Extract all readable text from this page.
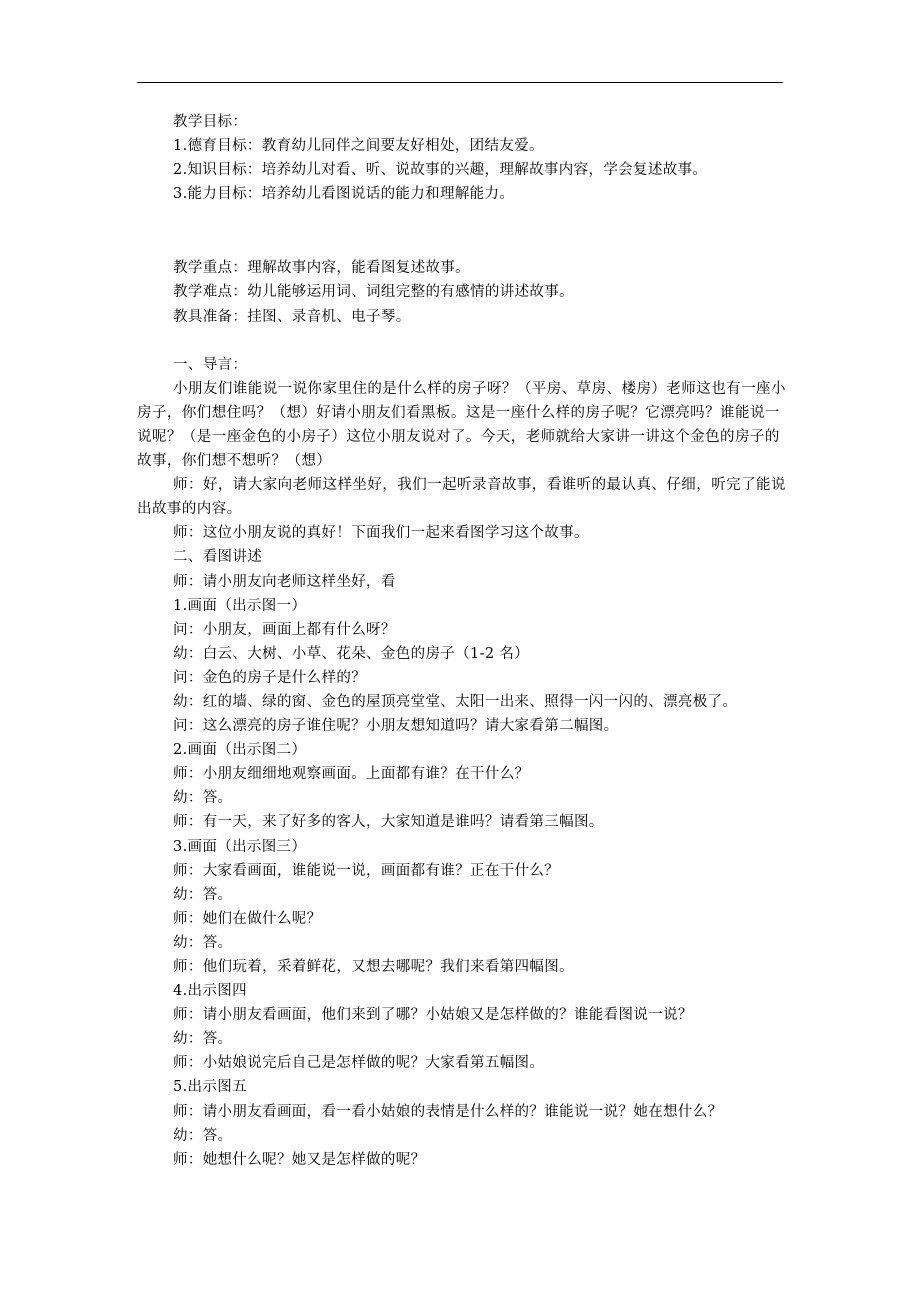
教学目标：

1.德育目标：教育幼儿同伴之间要友好相处，团结友爱。

2.知识目标：培养幼儿对看、听、说故事的兴趣，理解故事内容，学会复述故事。

3.能力目标：培养幼儿看图说话的能力和理解能力。

教学重点：理解故事内容，能看图复述故事。

教学难点：幼儿能够运用词、词组完整的有感情的讲述故事。

教具准备：挂图、录音机、电子琴。

一、导言：

小朋友们谁能说一说你家里住的是什么样的房子呀？（平房、草房、楼房）老师这也有一座小房子，你们想住吗？（想）好请小朋友们看黑板。这是一座什么样的房子呢？它漂亮吗？谁能说一说呢？（是一座金色的小房子）这位小朋友说对了。今天，老师就给大家讲一讲这个金色的房子的故事，你们想不想听？（想）

师：好，请大家向老师这样坐好，我们一起听录音故事，看谁听的最认真、仔细，听完了能说出故事的内容。

师：这位小朋友说的真好！下面我们一起来看图学习这个故事。

二、看图讲述

师：请小朋友向老师这样坐好，看

1.画面（出示图一）

问：小朋友，画面上都有什么呀？

幼：白云、大树、小草、花朵、金色的房子（1-2 名）

问：金色的房子是什么样的？

幼：红的墙、绿的窗、金色的屋顶亮堂堂、太阳一出来、照得一闪一闪的、漂亮极了。

问：这么漂亮的房子谁住呢？小朋友想知道吗？请大家看第二幅图。

2.画面（出示图二）

师：小朋友细细地观察画面。上面都有谁？在干什么？

幼：答。

师：有一天，来了好多的客人，大家知道是谁吗？请看第三幅图。

3.画面（出示图三）

师：大家看画面，谁能说一说，画面都有谁？正在干什么？

幼：答。

师：她们在做什么呢？

幼：答。

师：他们玩着，采着鲜花，又想去哪呢？我们来看第四幅图。

4.出示图四

师：请小朋友看画面，他们来到了哪？小姑娘又是怎样做的？谁能看图说一说？

幼：答。

师：小姑娘说完后自己是怎样做的呢？大家看第五幅图。

5.出示图五

师：请小朋友看画面，看一看小姑娘的表情是什么样的？谁能说一说？她在想什么？

幼：答。

师：她想什么呢？她又是怎样做的呢？
